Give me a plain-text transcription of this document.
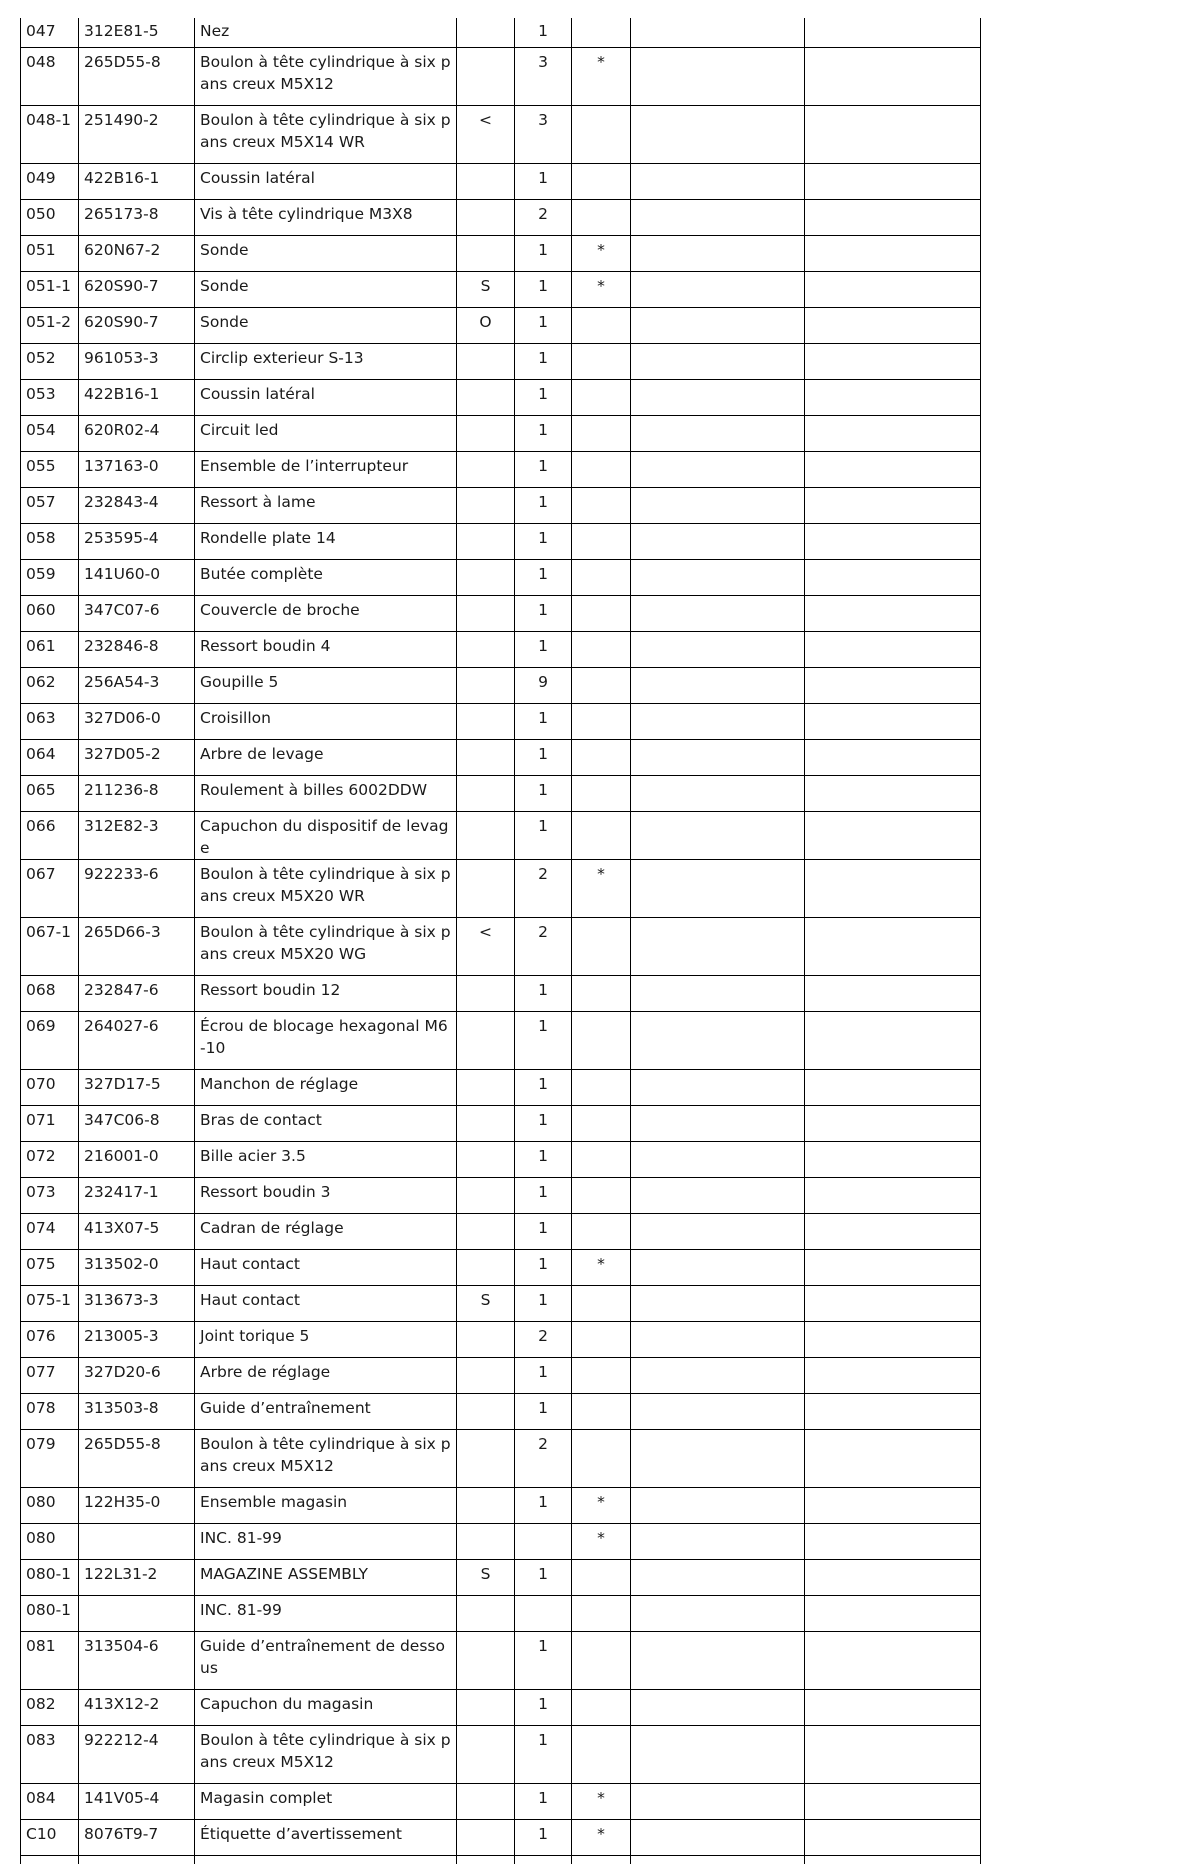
047	312E81-5	Nez		1			
048	265D55-8	Boulon à tête cylindrique à six pans creux M5X12		3	*		
048-1	251490-2	Boulon à tête cylindrique à six pans creux M5X14 WR	<	3			
049	422B16-1	Coussin latéral		1			
050	265173-8	Vis à tête cylindrique M3X8		2			
051	620N67-2	Sonde		1	*		
051-1	620S90-7	Sonde	S	1	*		
051-2	620S90-7	Sonde	O	1			
052	961053-3	Circlip exterieur S-13		1			
053	422B16-1	Coussin latéral		1			
054	620R02-4	Circuit led		1			
055	137163-0	Ensemble de l’interrupteur		1			
057	232843-4	Ressort à lame		1			
058	253595-4	Rondelle plate 14		1			
059	141U60-0	Butée complète		1			
060	347C07-6	Couvercle de broche		1			
061	232846-8	Ressort boudin 4		1			
062	256A54-3	Goupille 5		9			
063	327D06-0	Croisillon		1			
064	327D05-2	Arbre de levage		1			
065	211236-8	Roulement à billes 6002DDW		1			
066	312E82-3	Capuchon du dispositif de levage		1			
067	922233-6	Boulon à tête cylindrique à six pans creux M5X20 WR		2	*		
067-1	265D66-3	Boulon à tête cylindrique à six pans creux M5X20 WG	<	2			
068	232847-6	Ressort boudin 12		1			
069	264027-6	Écrou de blocage hexagonal M6-10		1			
070	327D17-5	Manchon de réglage		1			
071	347C06-8	Bras de contact		1			
072	216001-0	Bille acier 3.5		1			
073	232417-1	Ressort boudin 3		1			
074	413X07-5	Cadran de réglage		1			
075	313502-0	Haut contact		1	*		
075-1	313673-3	Haut contact	S	1			
076	213005-3	Joint torique 5		2			
077	327D20-6	Arbre de réglage		1			
078	313503-8	Guide d’entraînement		1			
079	265D55-8	Boulon à tête cylindrique à six pans creux M5X12		2			
080	122H35-0	Ensemble magasin		1	*		
080		INC. 81-99			*		
080-1	122L31-2	MAGAZINE ASSEMBLY	S	1			
080-1		INC. 81-99					
081	313504-6	Guide d’entraînement de dessous		1			
082	413X12-2	Capuchon du magasin		1			
083	922212-4	Boulon à tête cylindrique à six pans creux M5X12		1			
084	141V05-4	Magasin complet		1	*		
C10	8076T9-7	Étiquette d’avertissement		1	*		
